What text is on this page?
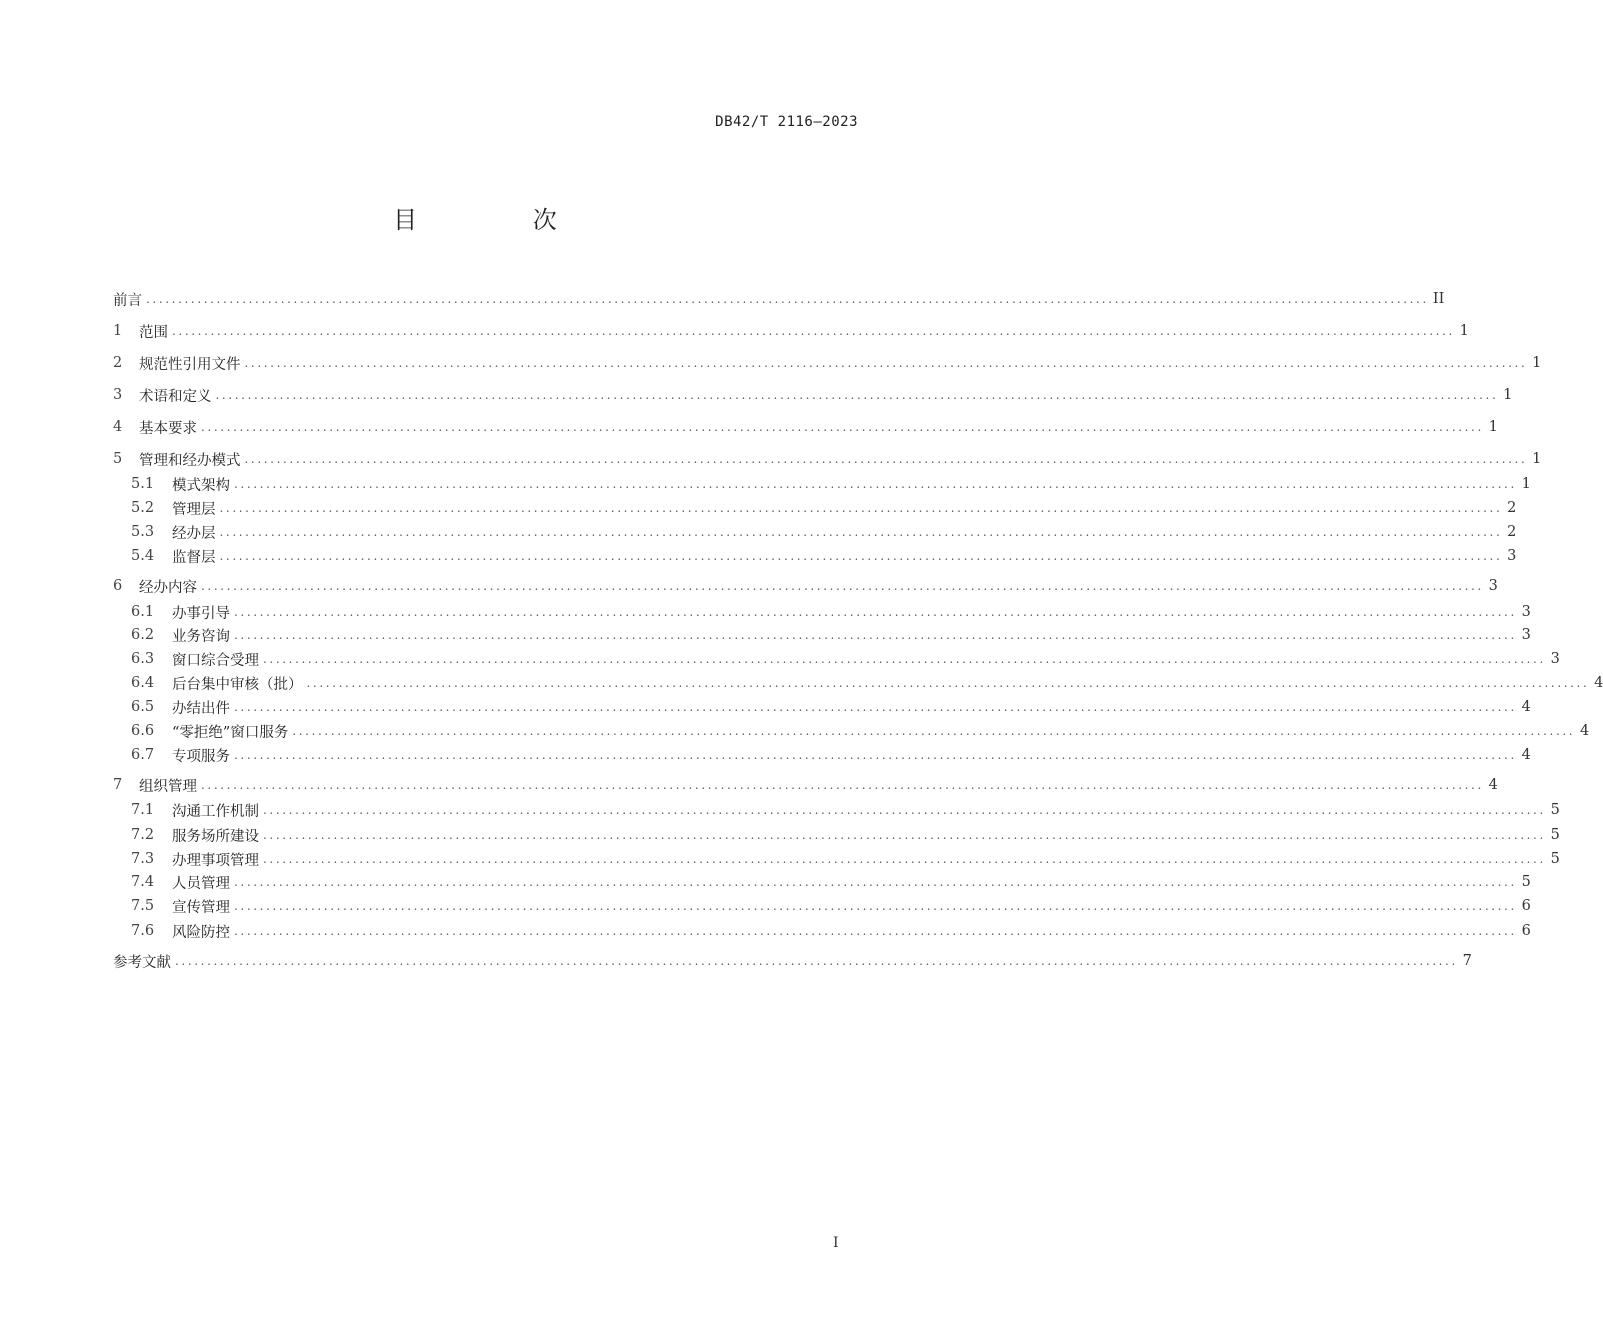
DB42/T 2116—2023
目 次
前言 ........................................................................................................................................................................................................ II
1	范围 ........................................................................................................................................................................................................ 1
2	规范性引用文件 ........................................................................................................................................................................................................ 1
3	术语和定义 ........................................................................................................................................................................................................ 1
4	基本要求 ........................................................................................................................................................................................................ 1
5	管理和经办模式 ........................................................................................................................................................................................................ 1
5.1	模式架构 ........................................................................................................................................................................................................ 1
5.2	管理层 ........................................................................................................................................................................................................ 2
5.3	经办层 ........................................................................................................................................................................................................ 2
5.4	监督层 ........................................................................................................................................................................................................ 3
6	经办内容 ........................................................................................................................................................................................................ 3
6.1	办事引导 ........................................................................................................................................................................................................ 3
6.2	业务咨询 ........................................................................................................................................................................................................ 3
6.3	窗口综合受理 ........................................................................................................................................................................................................ 3
6.4	后台集中审核（批） ........................................................................................................................................................................................................ 4
6.5	办结出件 ........................................................................................................................................................................................................ 4
6.6	“零拒绝”窗口服务 ........................................................................................................................................................................................................ 4
6.7	专项服务 ........................................................................................................................................................................................................ 4
7	组织管理 ........................................................................................................................................................................................................ 4
7.1	沟通工作机制 ........................................................................................................................................................................................................ 5
7.2	服务场所建设 ........................................................................................................................................................................................................ 5
7.3	办理事项管理 ........................................................................................................................................................................................................ 5
7.4	人员管理 ........................................................................................................................................................................................................ 5
7.5	宣传管理 ........................................................................................................................................................................................................ 6
7.6	风险防控 ........................................................................................................................................................................................................ 6
参考文献 ........................................................................................................................................................................................................ 7
I
